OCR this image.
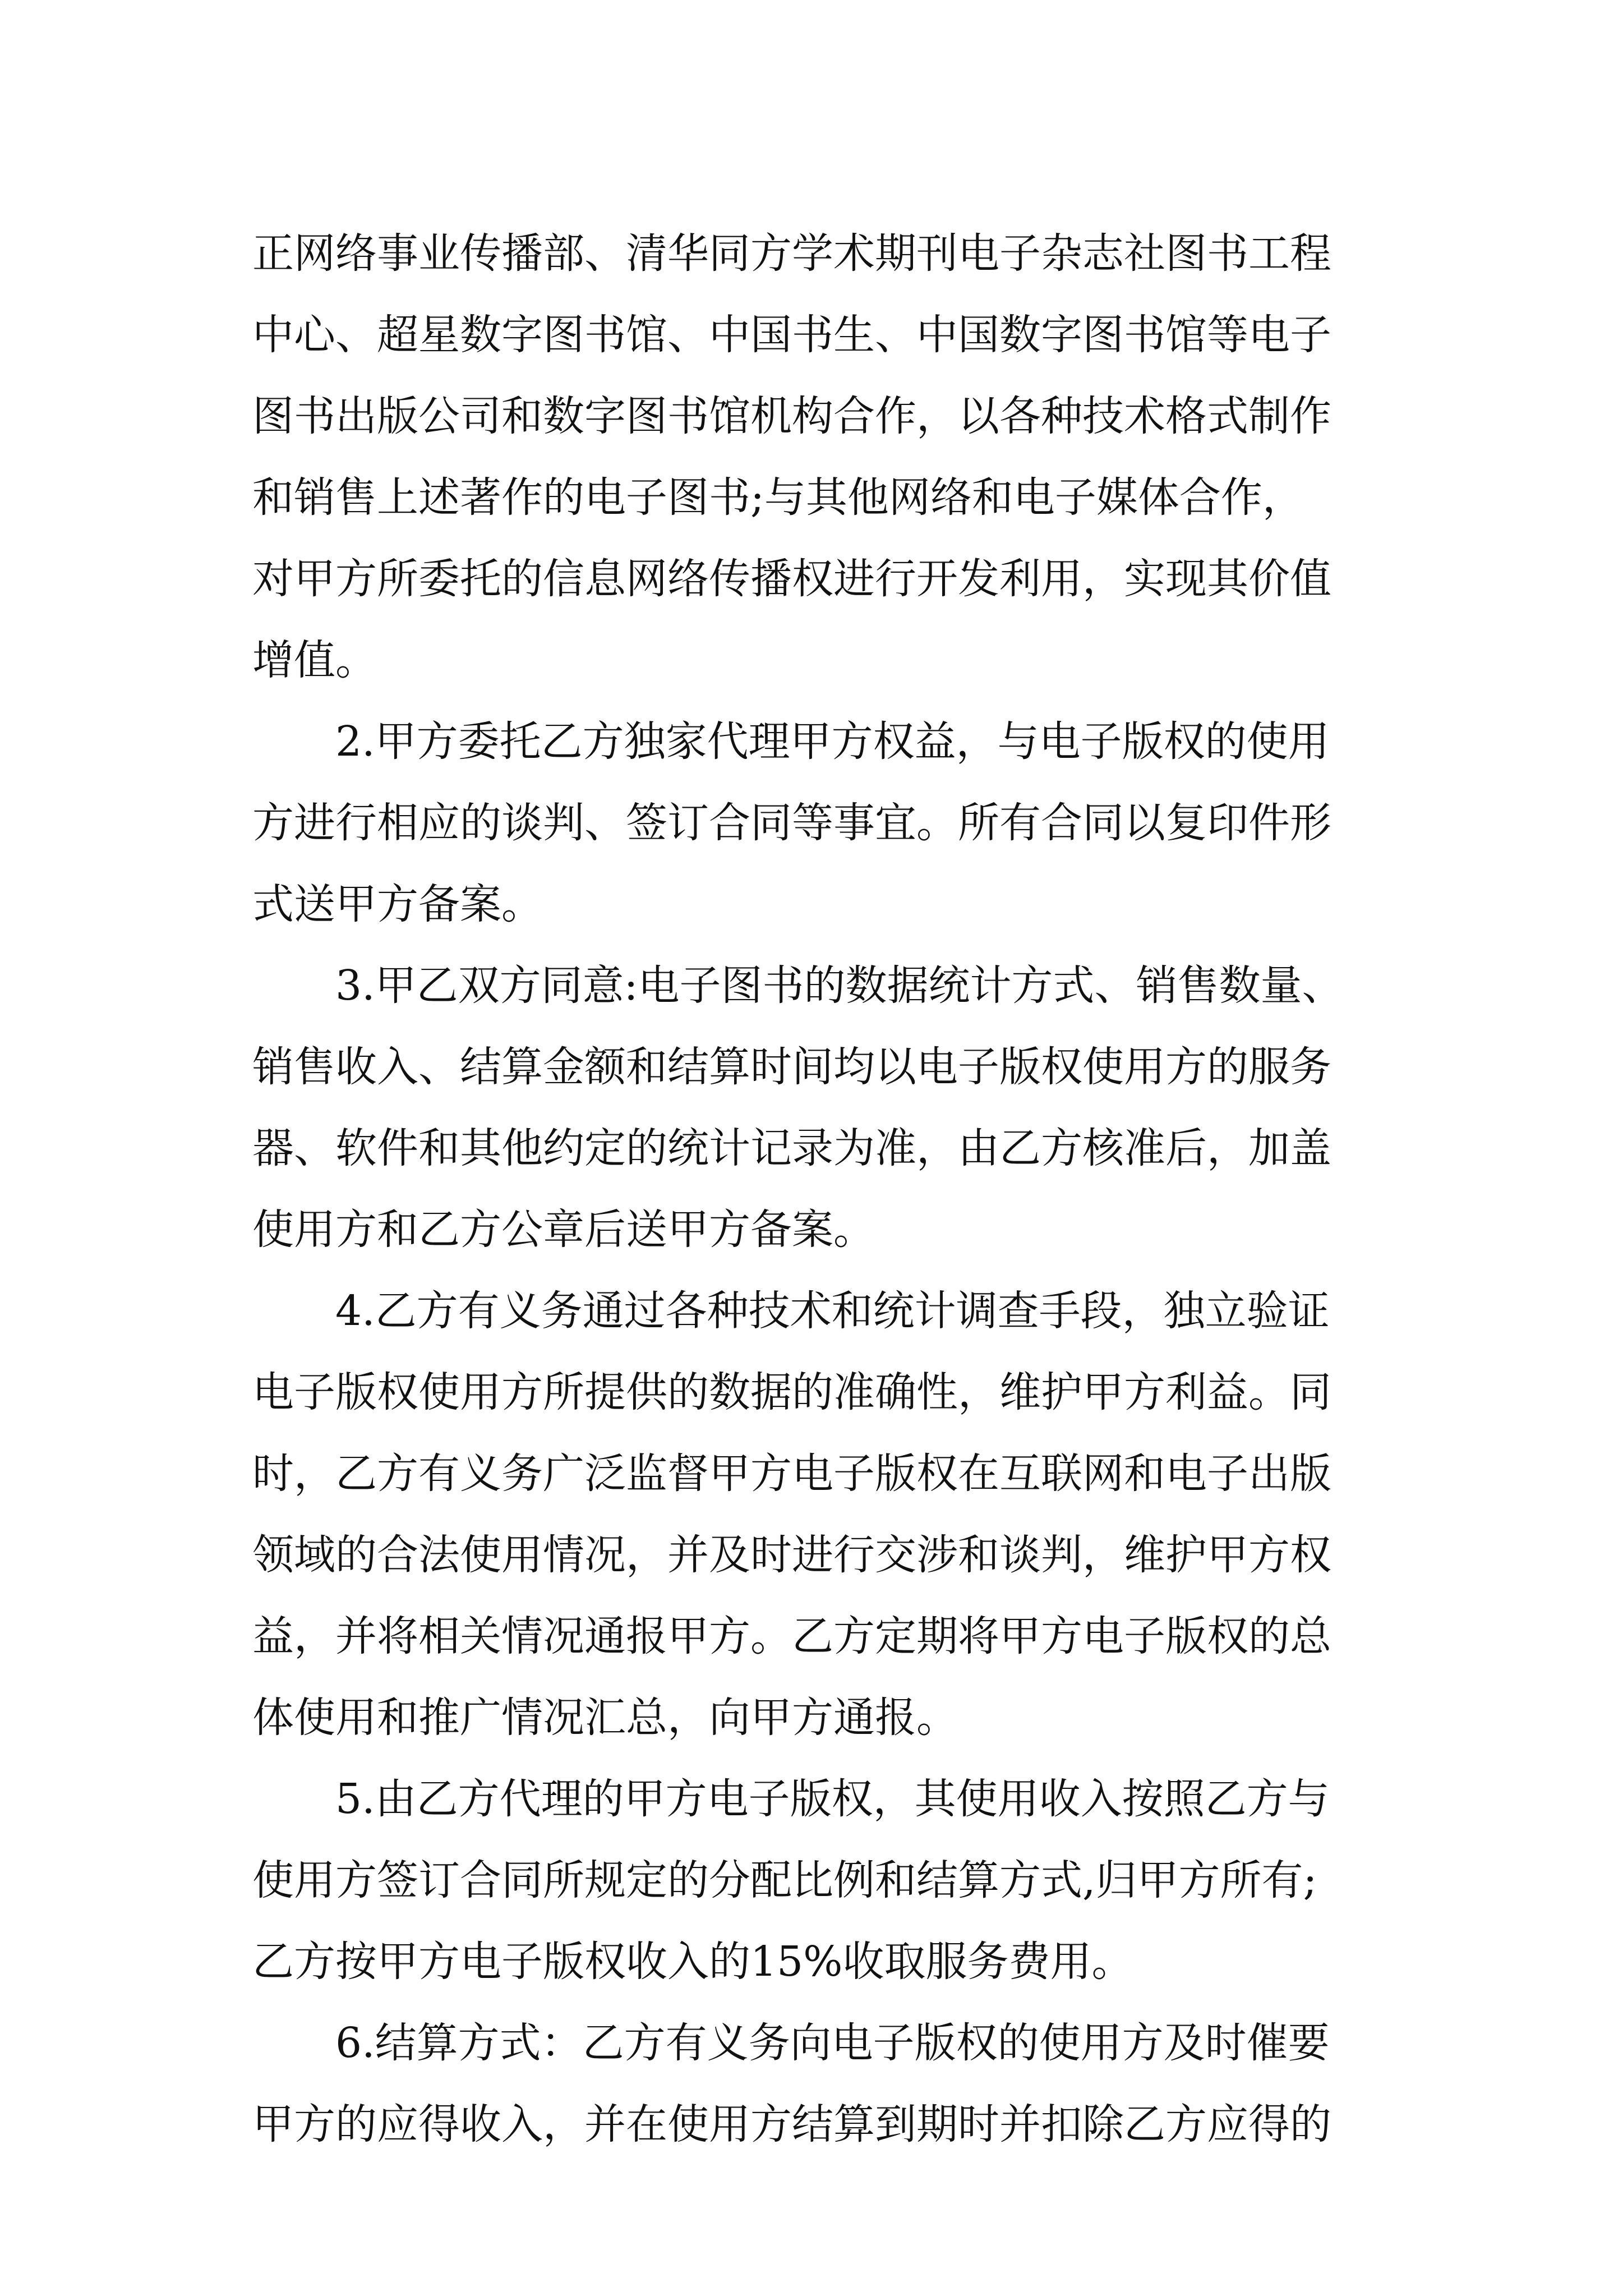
正网络事业传播部、清华同方学术期刊电子杂志社图书工程
中心、超星数字图书馆、中国书生、中国数字图书馆等电子
图书出版公司和数字图书馆机构合作，以各种技术格式制作
和销售上述著作的电子图书;与其他网络和电子媒体合作，
对甲方所委托的信息网络传播权进行开发利用，实现其价值
增值。
2.甲方委托乙方独家代理甲方权益，与电子版权的使用
方进行相应的谈判、签订合同等事宜。所有合同以复印件形
式送甲方备案。
3.甲乙双方同意:电子图书的数据统计方式、销售数量、
销售收入、结算金额和结算时间均以电子版权使用方的服务
器、软件和其他约定的统计记录为准，由乙方核准后，加盖
使用方和乙方公章后送甲方备案。
4.乙方有义务通过各种技术和统计调查手段，独立验证
电子版权使用方所提供的数据的准确性，维护甲方利益。同
时，乙方有义务广泛监督甲方电子版权在互联网和电子出版
领域的合法使用情况，并及时进行交涉和谈判，维护甲方权
益，并将相关情况通报甲方。乙方定期将甲方电子版权的总
体使用和推广情况汇总，向甲方通报。
5.由乙方代理的甲方电子版权，其使用收入按照乙方与
使用方签订合同所规定的分配比例和结算方式,归甲方所有;
乙方按甲方电子版权收入的15%收取服务费用。
6.结算方式：乙方有义务向电子版权的使用方及时催要
甲方的应得收入，并在使用方结算到期时并扣除乙方应得的
